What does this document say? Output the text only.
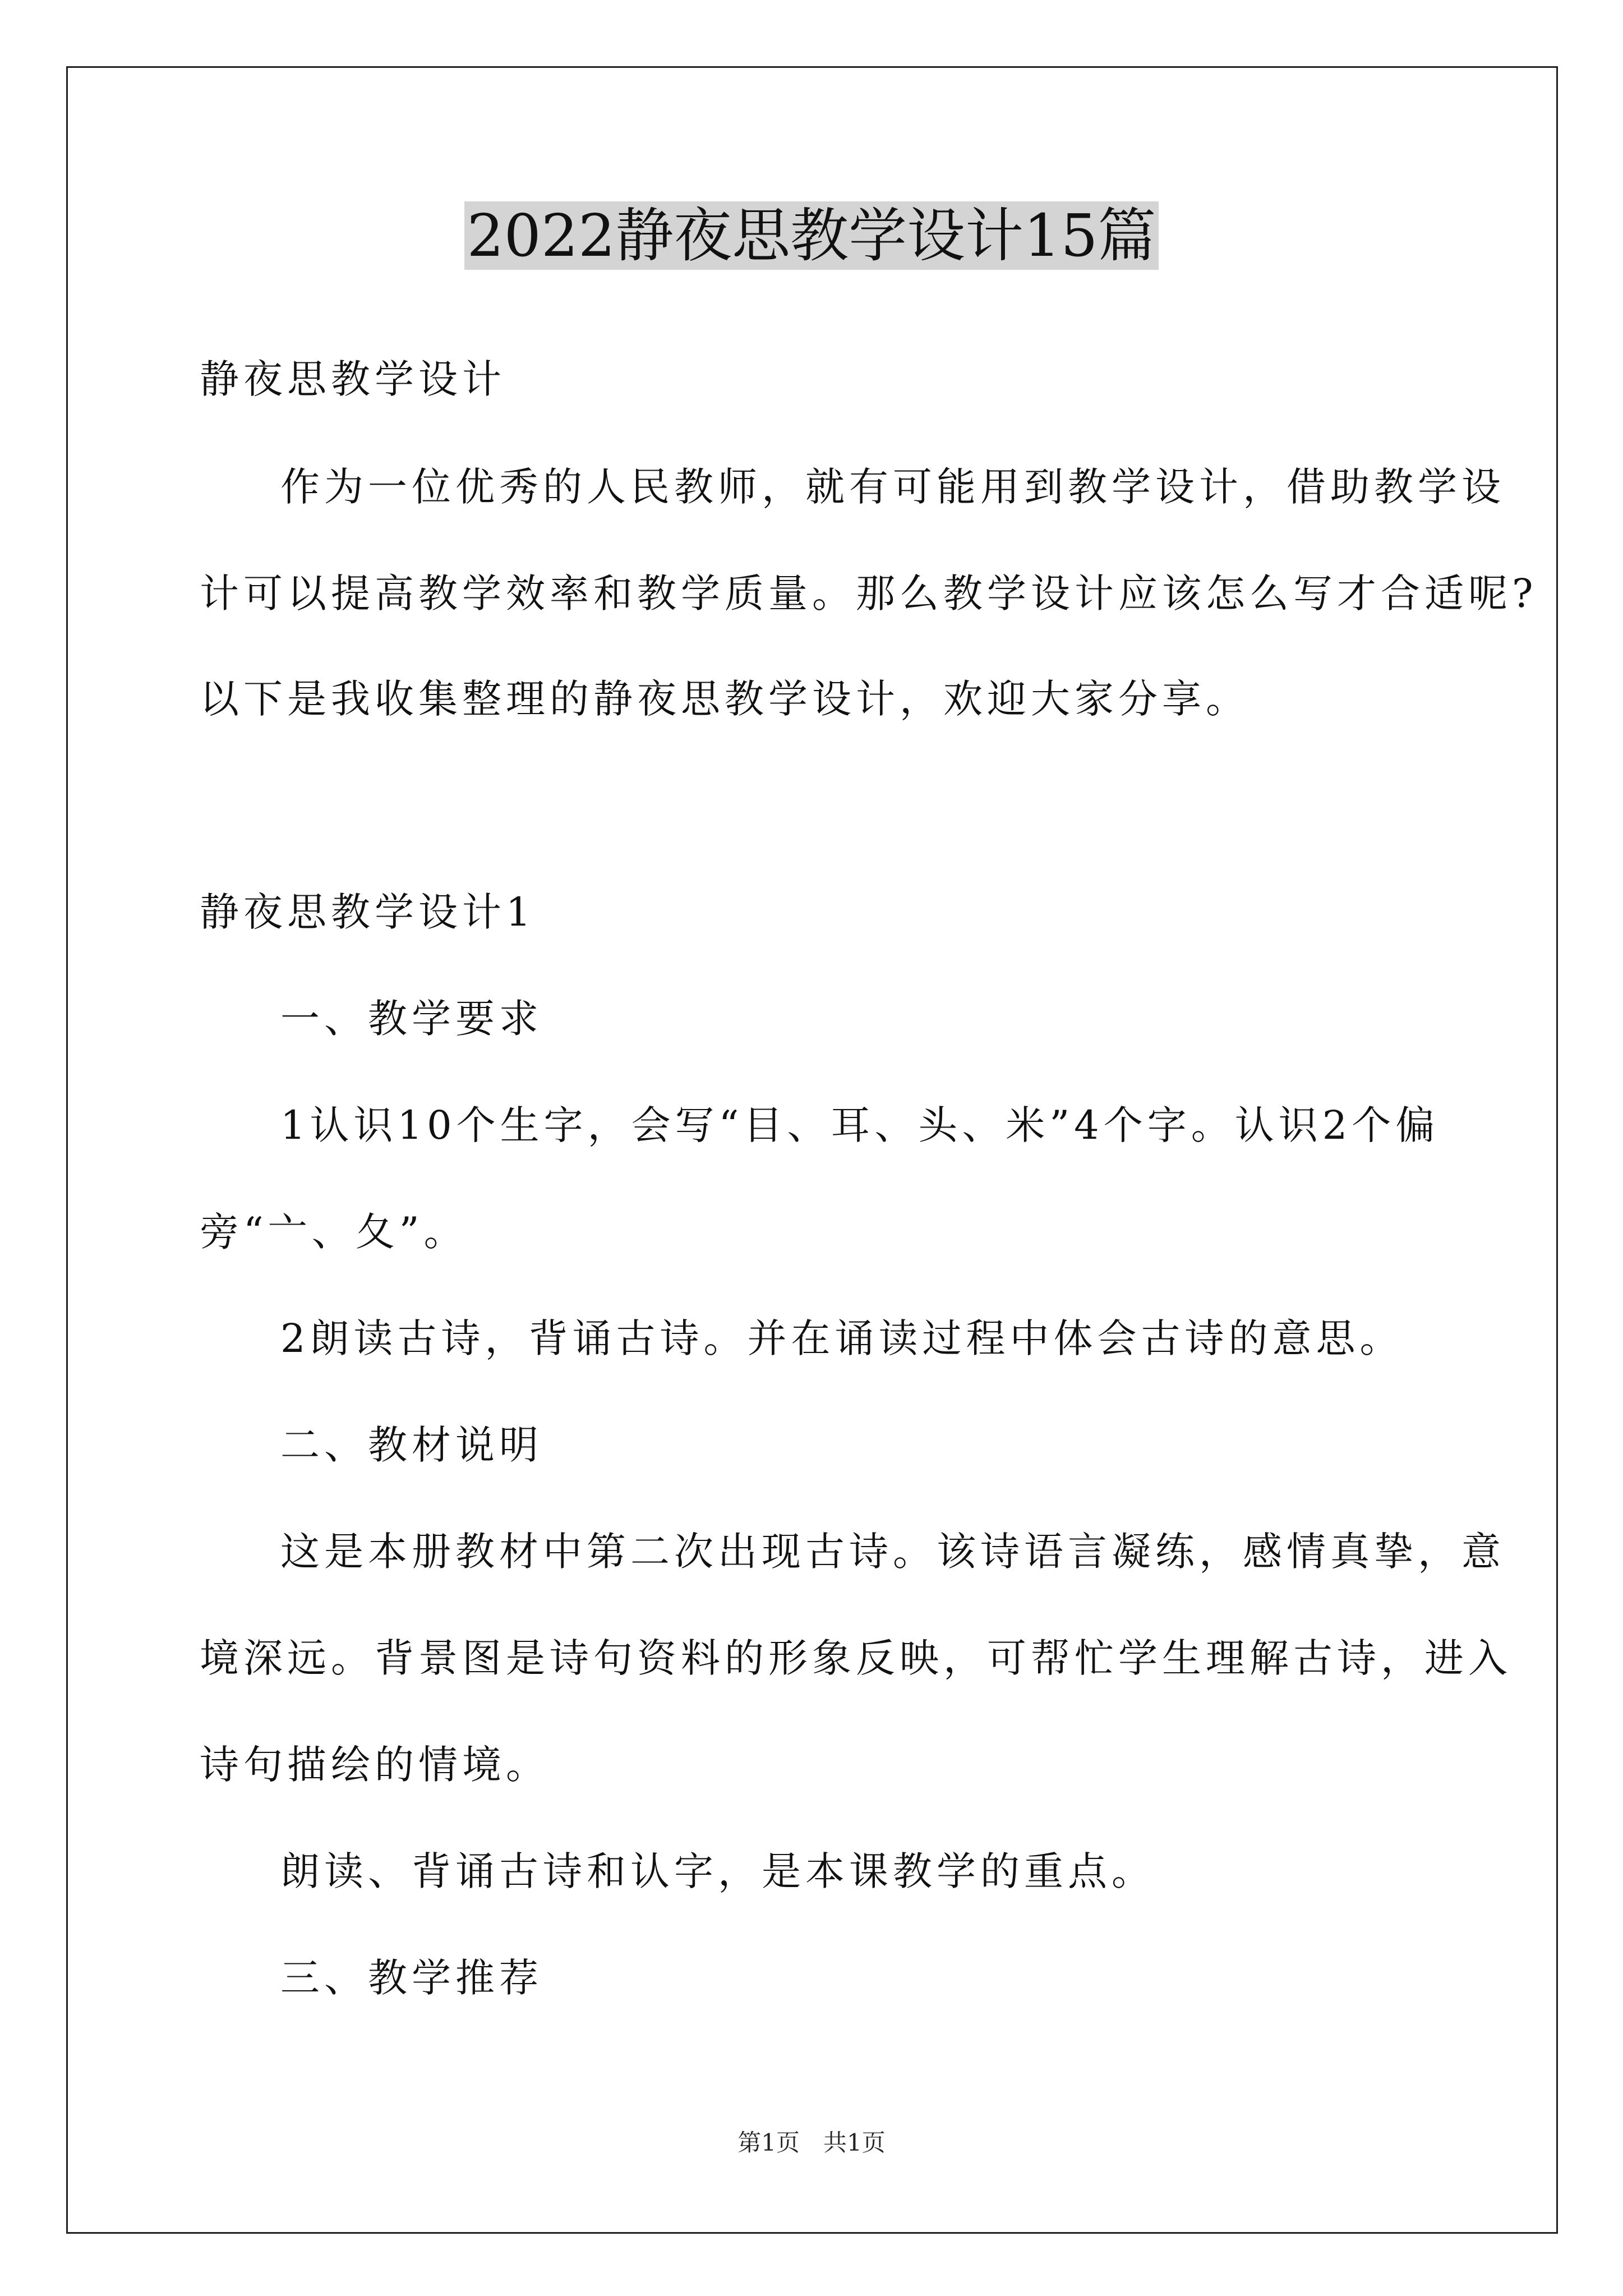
2022静夜思教学设计15篇
静夜思教学设计
作为一位优秀的人民教师，就有可能用到教学设计，借助教学设
计可以提高教学效率和教学质量。那么教学设计应该怎么写才合适呢?
以下是我收集整理的静夜思教学设计，欢迎大家分享。
静夜思教学设计1
一、教学要求
1认识10个生字，会写“目、耳、头、米”4个字。认识2个偏
旁“亠、夂”。
2朗读古诗，背诵古诗。并在诵读过程中体会古诗的意思。
二、教材说明
这是本册教材中第二次出现古诗。该诗语言凝练，感情真挚，意
境深远。背景图是诗句资料的形象反映，可帮忙学生理解古诗，进入
诗句描绘的情境。
朗读、背诵古诗和认字，是本课教学的重点。
三、教学推荐
第1页　共1页
